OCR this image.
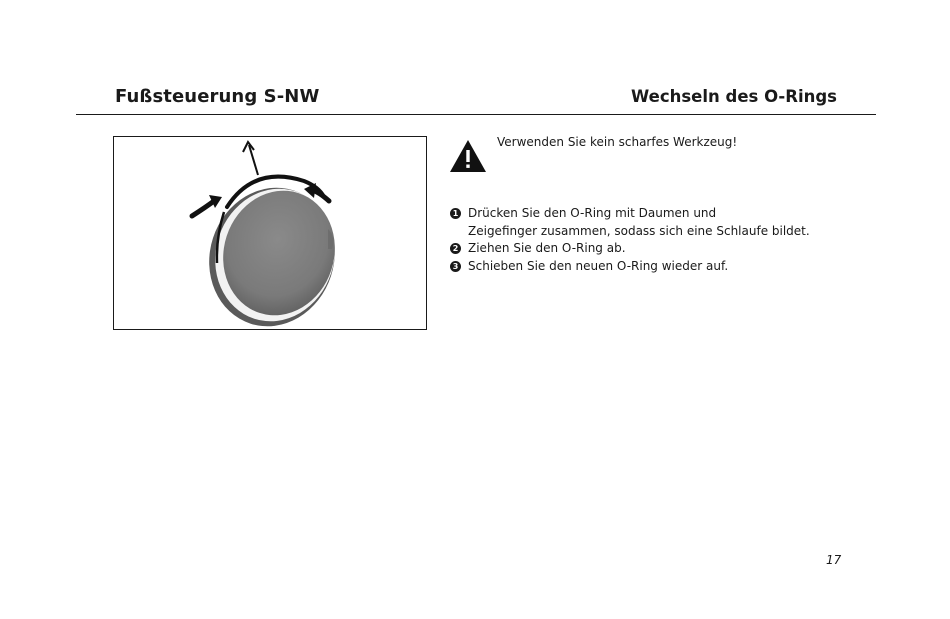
Fußsteuerung S-NW	Wechseln des O-Rings
Verwenden Sie kein scharfes Werkzeug!
1 Drücken Sie den O-Ring mit Daumen und
Zeigefinger zusammen, sodass sich eine Schlaufe bildet.
2 Ziehen Sie den O-Ring ab.
3 Schieben Sie den neuen O-Ring wieder auf.
17
